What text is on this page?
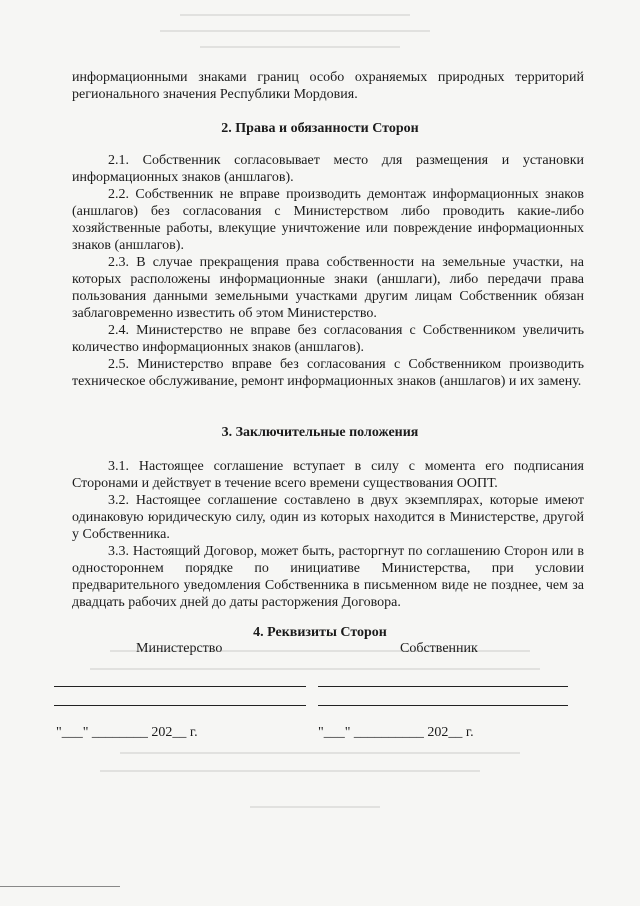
информационными знаками границ особо охраняемых природных территорий регионального значения Республики Мордовия.
2. Права и обязанности Сторон
2.1. Собственник согласовывает место для размещения и установки информационных знаков (аншлагов).
2.2. Собственник не вправе производить демонтаж информационных знаков (аншлагов) без согласования с Министерством либо проводить какие-либо хозяйственные работы, влекущие уничтожение или повреждение информационных знаков (аншлагов).
2.3. В случае прекращения права собственности на земельные участки, на которых расположены информационные знаки (аншлаги), либо передачи права пользования данными земельными участками другим лицам Собственник обязан заблаговременно известить об этом Министерство.
2.4. Министерство не вправе без согласования с Собственником увеличить количество информационных знаков (аншлагов).
2.5. Министерство вправе без согласования с Собственником производить техническое обслуживание, ремонт информационных знаков (аншлагов) и их замену.
3. Заключительные положения
3.1. Настоящее соглашение вступает в силу с момента его подписания Сторонами и действует в течение всего времени существования ООПТ.
3.2. Настоящее соглашение составлено в двух экземплярах, которые имеют одинаковую юридическую силу, один из которых находится в Министерстве, другой у Собственника.
3.3. Настоящий Договор, может быть, расторгнут по соглашению Сторон или в одностороннем порядке по инициативе Министерства, при условии предварительного уведомления Собственника в письменном виде не позднее, чем за двадцать рабочих дней до даты расторжения Договора.
4. Реквизиты Сторон
Министерство	Собственник
"___" ________ 202__ г.	"___" __________ 202__ г.
